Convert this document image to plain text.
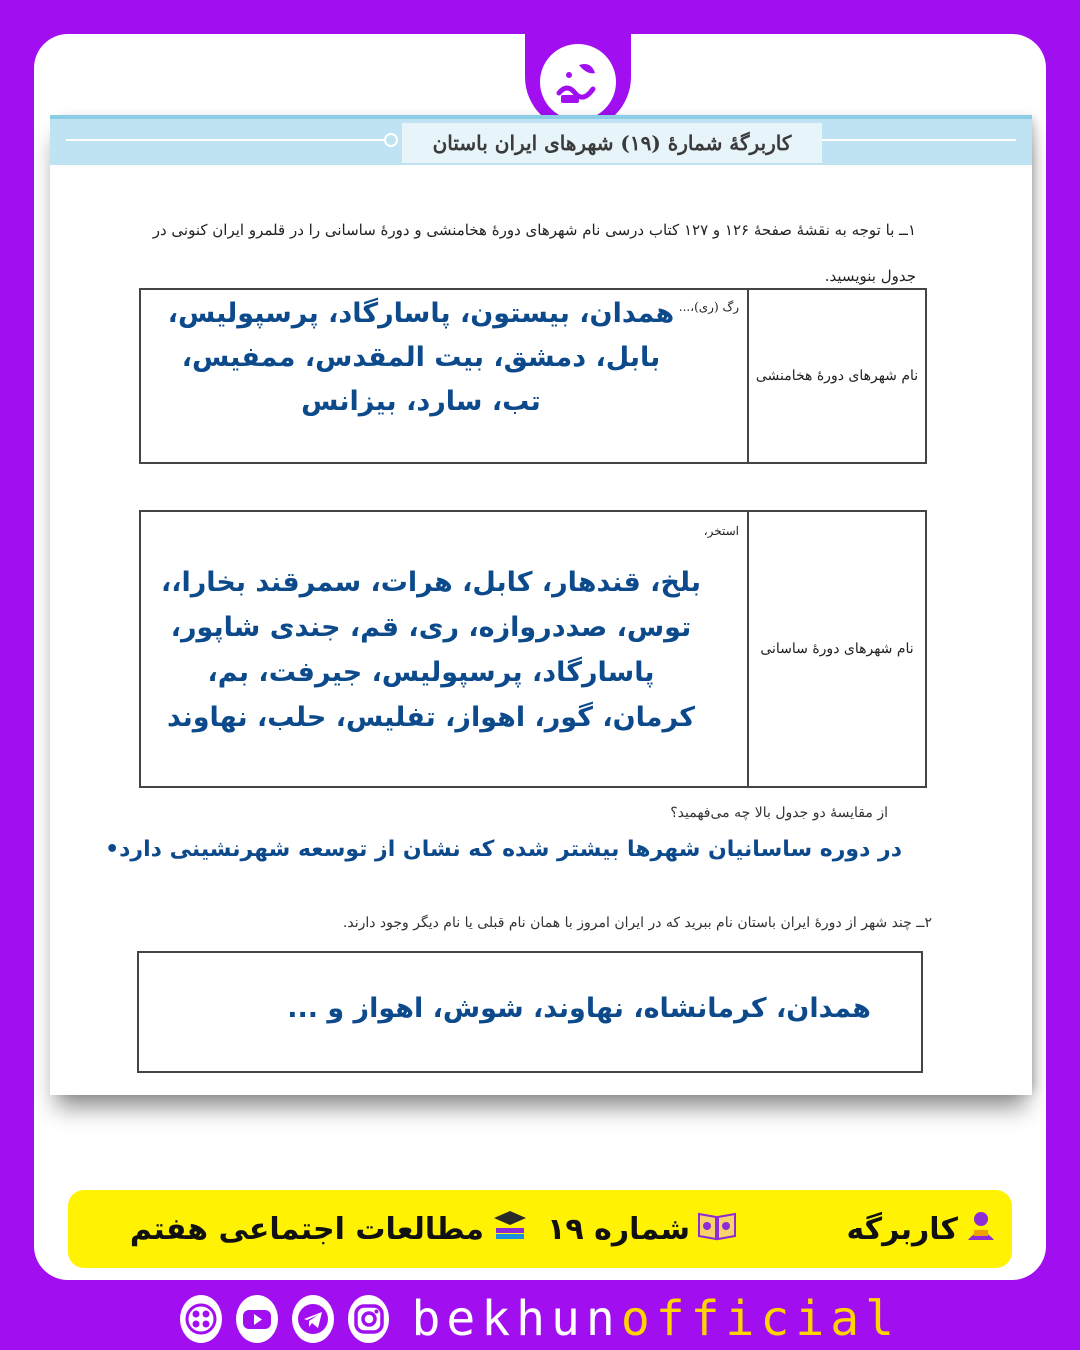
کاربرگهٔ شمارهٔ (۱۹) شهرهای ایران باستان
۱ــ با توجه به نقشهٔ صفحهٔ ۱۲۶ و ۱۲۷ کتاب درسی نام شهرهای دورهٔ هخامنشی و دورهٔ ساسانی را در قلمرو ایران کنونی در
جدول بنویسید.
نام شهرهای دورهٔ هخامنشی
رگ (ری)،...
همدان، بیستون، پاسارگاد، پرسپولیس،
بابل، دمشق، بیت المقدس، ممفیس،
تب، سارد، بیزانس
نام شهرهای دورهٔ ساسانی
استخر،
بلخ، قندهار، کابل، هرات، سمرقند بخارا،،
توس، صددروازه، ری، قم، جندی شاپور،
پاسارگاد، پرسپولیس، جیرفت، بم،
کرمان، گور، اهواز، تفلیس، حلب، نهاوند
از مقایسهٔ دو جدول بالا چه می‌فهمید؟
در دوره ساسانیان شهرها بیشتر شده که نشان از توسعه شهرنشینی دارد•
۲ــ چند شهر از دورهٔ ایران باستان نام ببرید که در ایران امروز با همان نام قبلی یا نام دیگر وجود دارند.
همدان، کرمانشاه، نهاوند، شوش، اهواز و ...
کاربرگه
شماره ۱۹
مطالعات اجتماعی هفتم
bekhunofficial
